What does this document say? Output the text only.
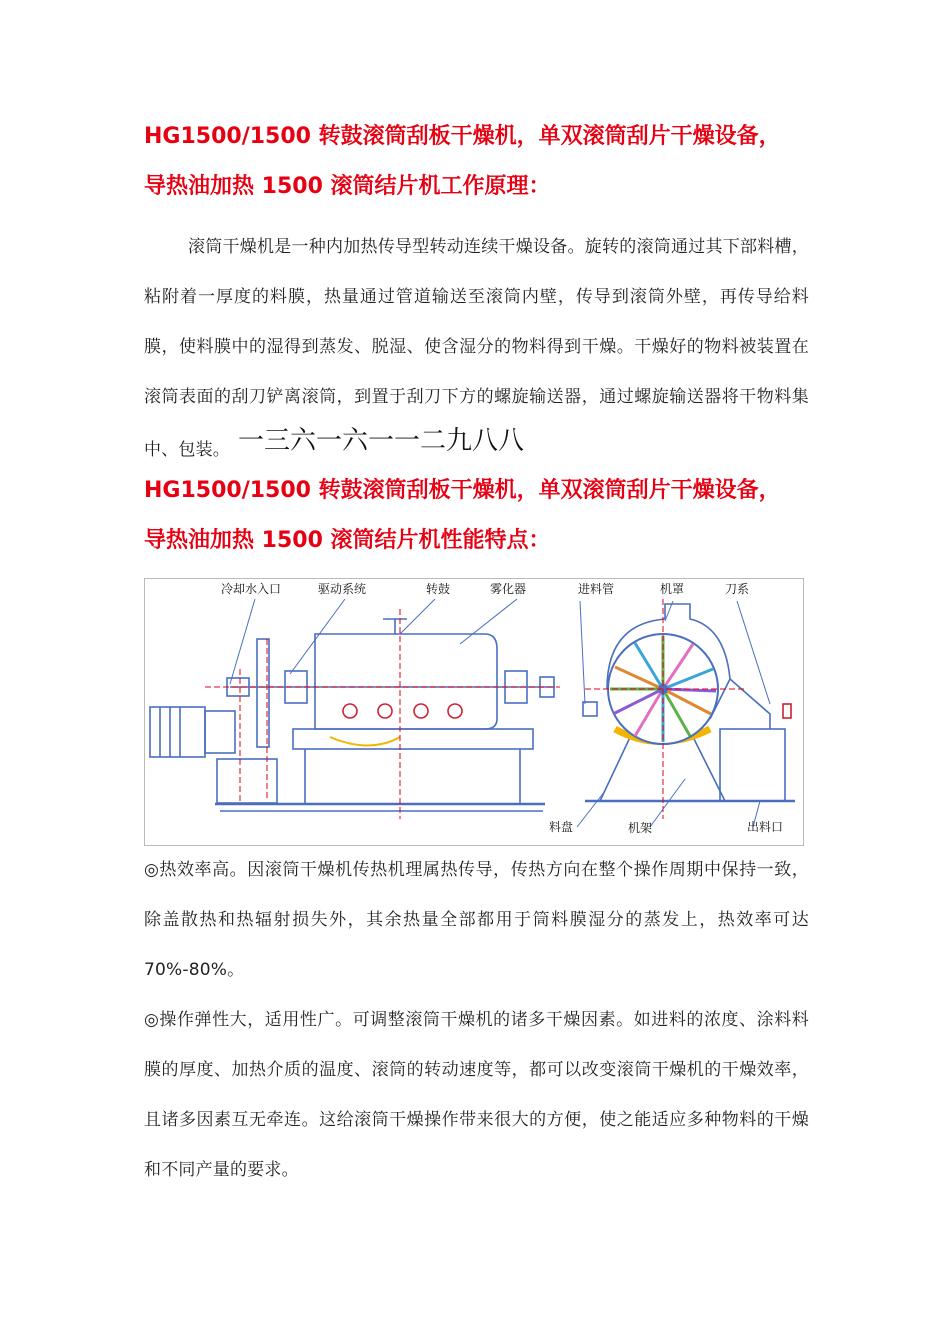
HG1500/1500 转鼓滚筒刮板干燥机，单双滚筒刮片干燥设备，
导热油加热 1500 滚筒结片机工作原理：

滚筒干燥机是一种内加热传导型转动连续干燥设备。旋转的滚筒通过其下部料槽，粘附着一厚度的料膜，热量通过管道输送至滚筒内壁，传导到滚筒外壁，再传导给料膜，使料膜中的湿得到蒸发、脱湿、使含湿分的物料得到干燥。干燥好的物料被装置在滚筒表面的刮刀铲离滚筒，到置于刮刀下方的螺旋输送器，通过螺旋输送器将干物料集中、包装。 一三六一六一一二九八八

HG1500/1500 转鼓滚筒刮板干燥机，单双滚筒刮片干燥设备，
导热油加热 1500 滚筒结片机性能特点：
冷却水入口	驱动系统	转鼓	雾化器	进料管	机罩	刀系
料盘	机架	出料口

◎热效率高。因滚筒干燥机传热机理属热传导，传热方向在整个操作周期中保持一致，除盖散热和热辐射损失外，其余热量全部都用于筒料膜湿分的蒸发上，热效率可达 70%-80%。

◎操作弹性大，适用性广。可调整滚筒干燥机的诸多干燥因素。如进料的浓度、涂料料膜的厚度、加热介质的温度、滚筒的转动速度等，都可以改变滚筒干燥机的干燥效率，且诸多因素互无牵连。这给滚筒干燥操作带来很大的方便，使之能适应多种物料的干燥和不同产量的要求。
